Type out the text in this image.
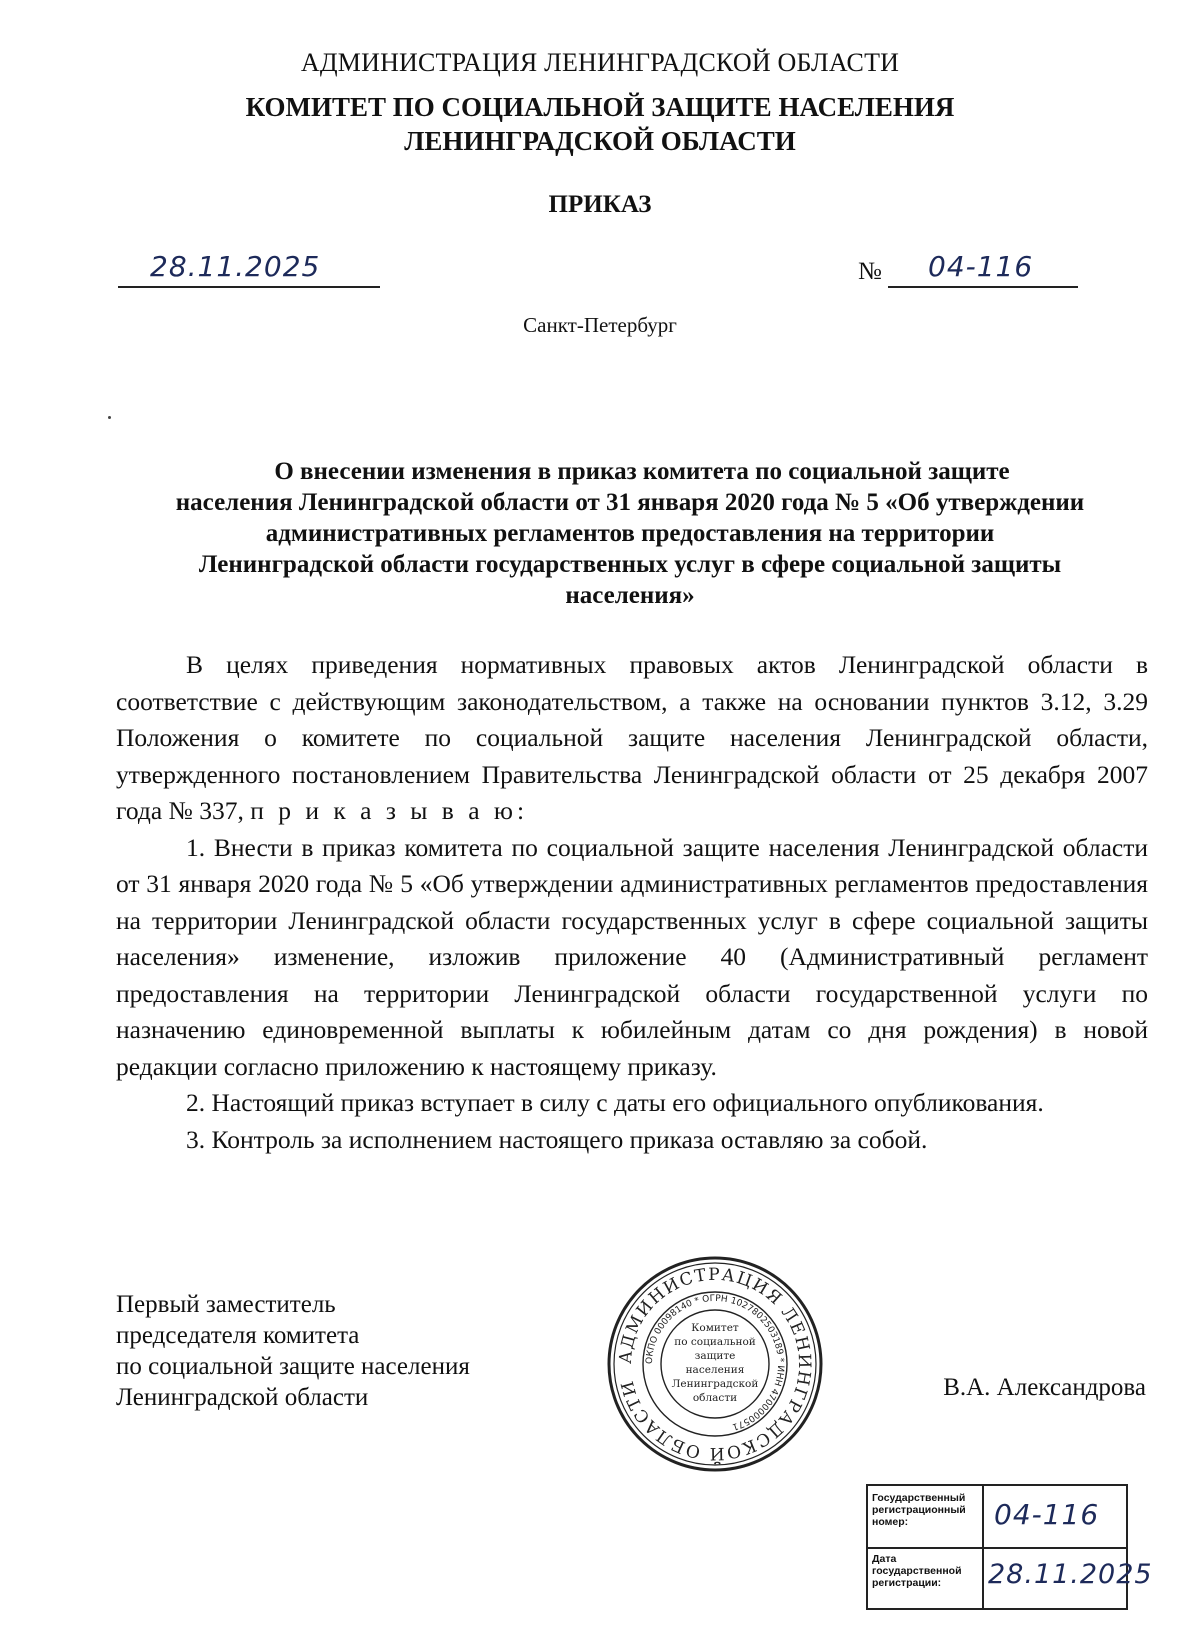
АДМИНИСТРАЦИЯ ЛЕНИНГРАДСКОЙ ОБЛАСТИ
КОМИТЕТ ПО СОЦИАЛЬНОЙ ЗАЩИТЕ НАСЕЛЕНИЯ
ЛЕНИНГРАДСКОЙ ОБЛАСТИ
ПРИКАЗ
28.11.2025	№ 04-116
Санкт-Петербург
О внесении изменения в приказ комитета по социальной защите
населения Ленинградской области от 31 января 2020 года № 5 «Об утверждении
административных регламентов предоставления на территории
Ленинградской области государственных услуг в сфере социальной защиты
населения»

В целях приведения нормативных правовых актов Ленинградской области в соответствие с действующим законодательством, а также на основании пунктов 3.12, 3.29 Положения о комитете по социальной защите населения Ленинградской области, утвержденного постановлением Правительства Ленинградской области от 25 декабря 2007 года № 337, п р и к а з ы в а ю:

1. Внести в приказ комитета по социальной защите населения Ленинградской области от 31 января 2020 года № 5 «Об утверждении административных регламентов предоставления на территории Ленинградской области государственных услуг в сфере социальной защиты населения» изменение, изложив приложение 40 (Административный регламент предоставления на территории Ленинградской области государственной услуги по назначению единовременной выплаты к юбилейным датам со дня рождения) в новой редакции согласно приложению к настоящему приказу.

2. Настоящий приказ вступает в силу с даты его официального опубликования.

3. Контроль за исполнением настоящего приказа оставляю за собой.

Первый заместитель
председателя комитета
по социальной защите населения
Ленинградской области
АДМИНИСТРАЦИЯ ЛЕНИНГРАДСКОЙ ОБЛАСТИ
ОКПО 00098140 * ОГРН 1027802503189 * ИНН 4700000571
Комитет
по социальной
защите
населения
Ленинградской
области	В.А. Александрова
Государственный регистрационный номер:	04-116
Дата государственной регистрации:	28.11.2025
